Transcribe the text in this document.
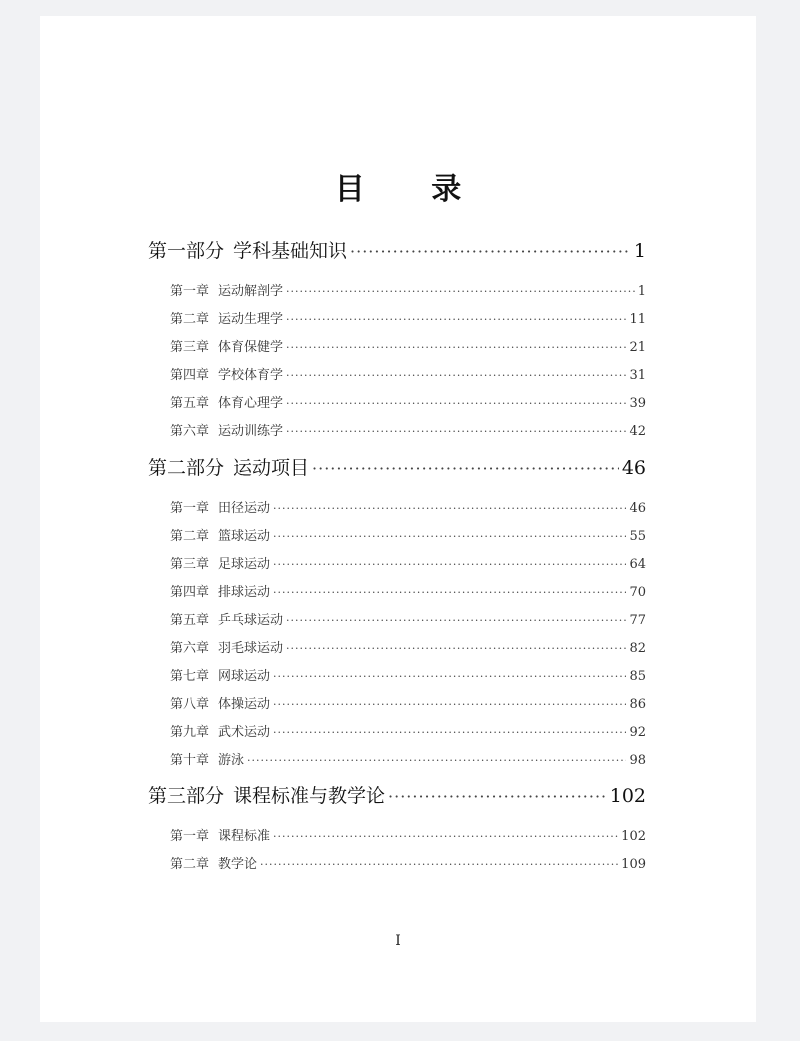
目 录
第一部分 学科基础知识 ·····	1
第一章 运动解剖学 ·····	1
第二章 运动生理学 ·····	11
第三章 体育保健学 ·····	21
第四章 学校体育学 ·····	31
第五章 体育心理学 ·····	39
第六章 运动训练学 ·····	42
第二部分 运动项目 ·····	46
第一章 田径运动 ·····	46
第二章 篮球运动 ·····	55
第三章 足球运动 ·····	64
第四章 排球运动 ·····	70
第五章 乒乓球运动 ·····	77
第六章 羽毛球运动 ·····	82
第七章 网球运动 ·····	85
第八章 体操运动 ·····	86
第九章 武术运动 ·····	92
第十章 游泳 ·····	98
第三部分 课程标准与教学论 ·····	102
第一章 课程标准 ·····	102
第二章 教学论 ·····	109
I
